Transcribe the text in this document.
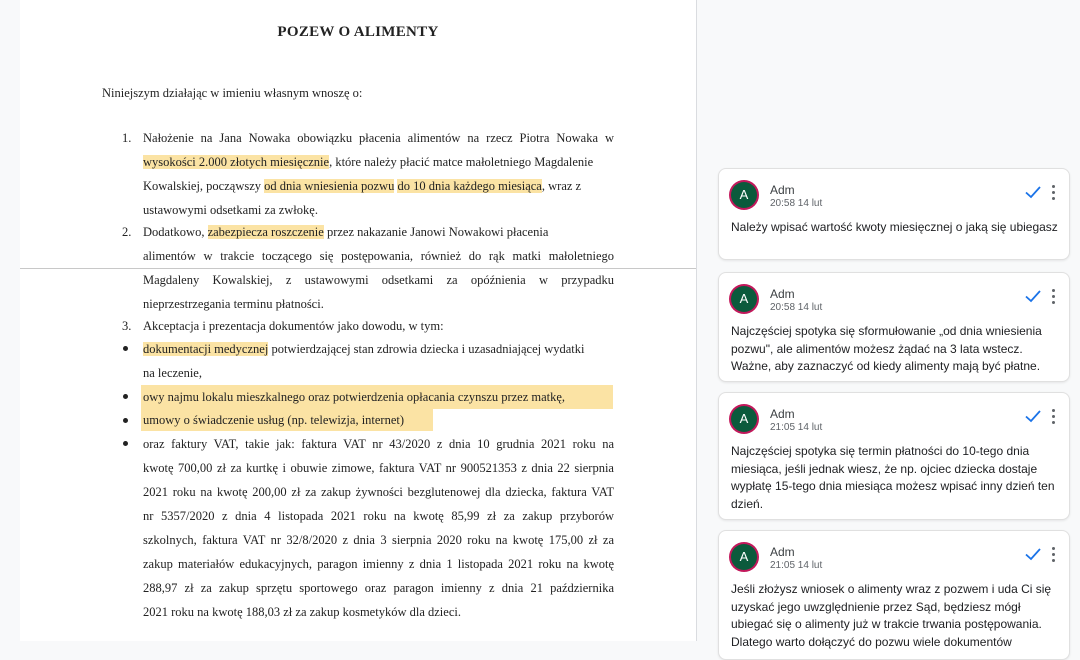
POZEW O ALIMENTY
Niniejszym działając w imieniu własnym wnoszę o:
1. Nałożenie na Jana Nowaka obowiązku płacenia alimentów na rzecz Piotra Nowaka w
wysokości 2.000 złotych miesięcznie, które należy płacić matce małoletniego Magdalenie
Kowalskiej, począwszy od dnia wniesienia pozwu do 10 dnia każdego miesiąca, wraz z
ustawowymi odsetkami za zwłokę.
2. Dodatkowo, zabezpiecza roszczenie przez nakazanie Janowi Nowakowi płacenia
alimentów w trakcie toczącego się postępowania, również do rąk matki małoletniego
Magdaleny Kowalskiej, z ustawowymi odsetkami za opóźnienia w przypadku
nieprzestrzegania terminu płatności.
3. Akceptacja i prezentacja dokumentów jako dowodu, w tym:
dokumentacji medycznej potwierdzającej stan zdrowia dziecka i uzasadniającej wydatki
na leczenie,
owy najmu lokalu mieszkalnego oraz potwierdzenia opłacania czynszu przez matkę,
umowy o świadczenie usług (np. telewizja, internet)
oraz faktury VAT, takie jak: faktura VAT nr 43/2020 z dnia 10 grudnia 2021 roku na
kwotę 700,00 zł za kurtkę i obuwie zimowe, faktura VAT nr 900521353 z dnia 22 sierpnia
2021 roku na kwotę 200,00 zł za zakup żywności bezglutenowej dla dziecka, faktura VAT
nr 5357/2020 z dnia 4 listopada 2021 roku na kwotę 85,99 zł za zakup przyborów
szkolnych, faktura VAT nr 32/8/2020 z dnia 3 sierpnia 2020 roku na kwotę 175,00 zł za
zakup materiałów edukacyjnych, paragon imienny z dnia 1 listopada 2021 roku na kwotę
288,97 zł za zakup sprzętu sportowego oraz paragon imienny z dnia 21 października
2021 roku na kwotę 188,03 zł za zakup kosmetyków dla dzieci.
A	Adm
20:58 14 lut
Należy wpisać wartość kwoty miesięcznej o jaką się ubiegasz
A	Adm
20:58 14 lut
Najczęściej spotyka się sformułowanie „od dnia wniesienia pozwu", ale alimentów możesz żądać na 3 lata wstecz. Ważne, aby zaznaczyć od kiedy alimenty mają być płatne.
A	Adm
21:05 14 lut
Najczęściej spotyka się termin płatności do 10-tego dnia miesiąca, jeśli jednak wiesz, że np. ojciec dziecka dostaje wypłatę 15-tego dnia miesiąca możesz wpisać inny dzień ten dzień.
A	Adm
21:05 14 lut
Jeśli złożysz wniosek o alimenty wraz z pozwem i uda Ci się uzyskać jego uwzględnienie przez Sąd, będziesz mógł ubiegać się o alimenty już w trakcie trwania postępowania. Dlatego warto dołączyć do pozwu wiele dokumentów
